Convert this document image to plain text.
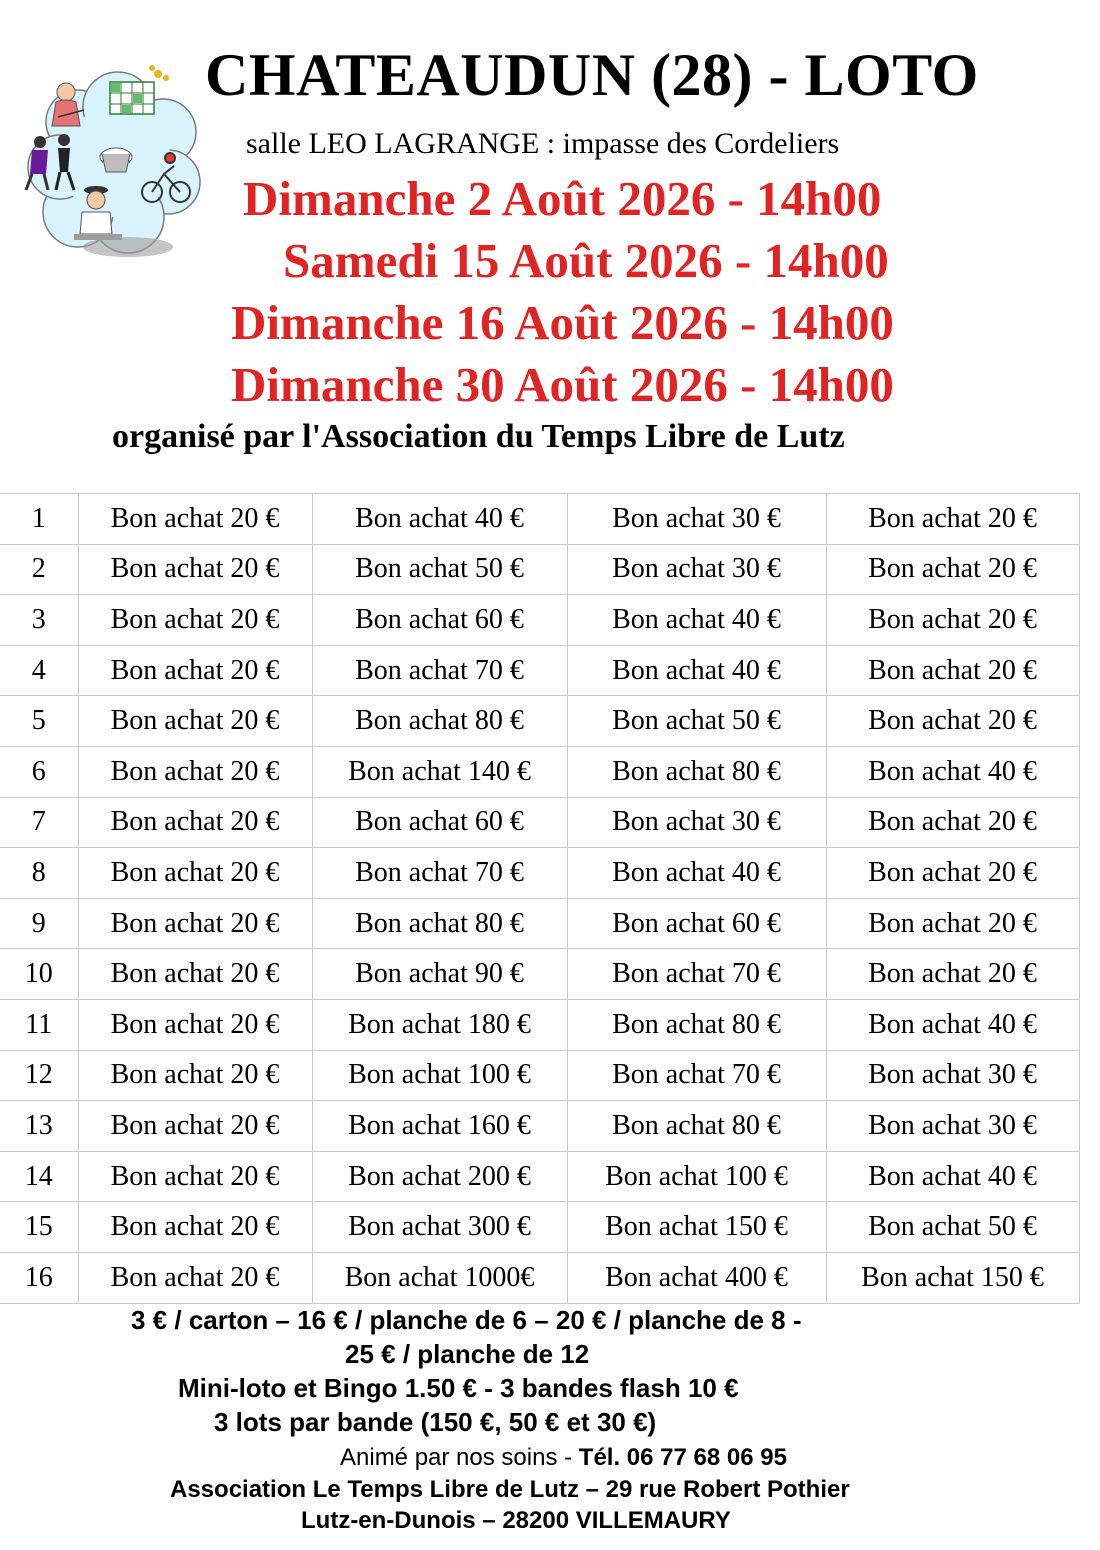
CHATEAUDUN (28) - LOTO
salle LEO LAGRANGE : impasse des Cordeliers
Dimanche 2 Août 2026 - 14h00
Samedi 15 Août 2026 - 14h00
Dimanche 16 Août 2026 - 14h00
Dimanche 30 Août 2026 - 14h00
organisé par l'Association du Temps Libre de Lutz
1	Bon achat 20 €	Bon achat 40 €	Bon achat 30 €	Bon achat 20 €
2	Bon achat 20 €	Bon achat 50 €	Bon achat 30 €	Bon achat 20 €
3	Bon achat 20 €	Bon achat 60 €	Bon achat 40 €	Bon achat 20 €
4	Bon achat 20 €	Bon achat 70 €	Bon achat 40 €	Bon achat 20 €
5	Bon achat 20 €	Bon achat 80 €	Bon achat 50 €	Bon achat 20 €
6	Bon achat 20 €	Bon achat 140 €	Bon achat 80 €	Bon achat 40 €
7	Bon achat 20 €	Bon achat 60 €	Bon achat 30 €	Bon achat 20 €
8	Bon achat 20 €	Bon achat 70 €	Bon achat 40 €	Bon achat 20 €
9	Bon achat 20 €	Bon achat 80 €	Bon achat 60 €	Bon achat 20 €
10	Bon achat 20 €	Bon achat 90 €	Bon achat 70 €	Bon achat 20 €
11	Bon achat 20 €	Bon achat 180 €	Bon achat 80 €	Bon achat 40 €
12	Bon achat 20 €	Bon achat 100 €	Bon achat 70 €	Bon achat 30 €
13	Bon achat 20 €	Bon achat 160 €	Bon achat 80 €	Bon achat 30 €
14	Bon achat 20 €	Bon achat 200 €	Bon achat 100 €	Bon achat 40 €
15	Bon achat 20 €	Bon achat 300 €	Bon achat 150 €	Bon achat 50 €
16	Bon achat 20 €	Bon achat 1000€	Bon achat 400 €	Bon achat 150 €
3 € / carton – 16 € / planche de 6 – 20 € / planche de 8 -
25 € / planche de 12
Mini-loto et Bingo 1.50 € - 3 bandes flash 10 €
3 lots par bande (150 €, 50 € et 30 €)
Animé par nos soins - Tél. 06 77 68 06 95
Association Le Temps Libre de Lutz – 29 rue Robert Pothier
Lutz-en-Dunois – 28200 VILLEMAURY
